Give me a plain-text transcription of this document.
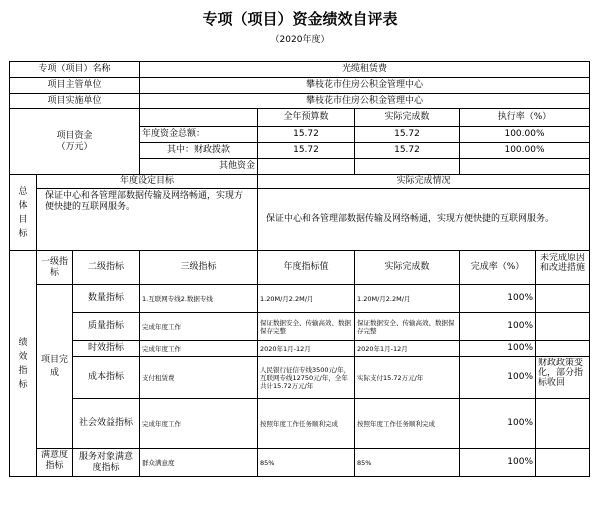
专项（项目）资金绩效自评表
（2020年度）
专项（项目）名称			光缆租赁费				
项目主管单位			攀枝花市住房公积金管理中心				
项目实施单位			攀枝花市住房公积金管理中心				

项目资金
（万元）				全年预算数	实际完成数	执行率（%）	
			年度资金总额：	15.72	15.72	100.00%	
			其中：财政拨款	15.72	15.72	100.00%	
			其他资金				

总
体
目
标	年度设定目标			实际完成情况			
	保证中心和各管理部数据传输及网络畅通，实现方便快捷的互联网服务。			保证中心和各管理部数据传输及网络畅通，实现方便快捷的互联网服务。			

绩
效
指
标	一级指标	二级指标	三级指标	年度指标值	实际完成数	完成率（%）	未完成原因和改进措施

	项目完成	数量指标	1.互联网专线2.数据专线	1.20M/月2.2M/月	1.20M/月2.2M/月	100%	
		质量指标	完成年度工作	保证数据安全、传输高效、数据保存完整	保证数据安全、传输高效、数据保存完整	100%	
		时效指标	完成年度工作	2020年1月-12月	2020年1月-12月	100%	
		成本指标	支付租赁费	人民银行征信专线3500元/年，互联网专线12750元/年，全年共计15.72万元/年	实际支付15.72万元/年	100%	财政政策变化，部分指标收回

		社会效益指标	完成年度工作	按照年度工作任务顺利完成	按照年度工作任务顺利完成	100%	

	满意度指标	服务对象满意度指标	群众满意度	85%	85%	100%	
